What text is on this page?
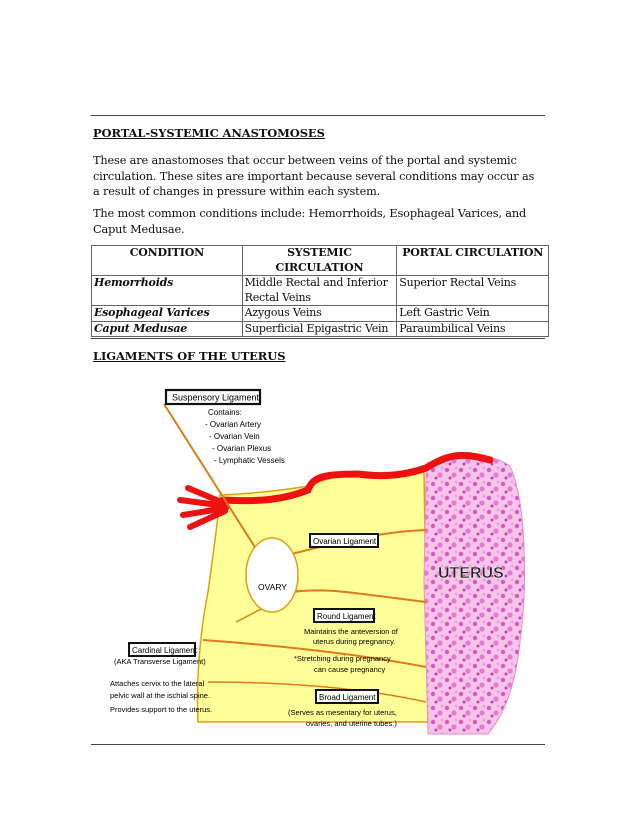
PORTAL-SYSTEMIC ANASTOMOSES
These are anastomoses that occur between veins of the portal and systemic circulation. These sites are important because several conditions may occur as a result of changes in pressure within each system.
The most common conditions include: Hemorrhoids, Esophageal Varices, and Caput Medusae.
CONDITION	SYSTEMIC CIRCULATION	PORTAL CIRCULATION
Hemorrhoids	Middle Rectal and Inferior Rectal Veins	Superior Rectal Veins
Esophageal Varices	Azygous Veins	Left Gastric Vein
Caput Medusae	Superficial Epigastric Vein	Paraumbilical Veins
LIGAMENTS OF THE UTERUS
Suspensory Ligament
Contains:
- Ovarian Artery
- Ovarian Vein
- Ovarian Plexus
- Lymphatic Vessels
Ovarian Ligament
OVARY
UTERUS
Round Ligament
Maintains the anteversion of
uterus during pregnancy.
*Stretching during pregnancy
can cause pregnancy
Cardinal Ligament
(AKA Transverse Ligament)
Attaches cervix to the lateral
pelvic wall at the ischial spine.
Provides support to the uterus.
Broad Ligament
(Serves as mesentary for uterus,
ovaries, and uterine tubes.)
